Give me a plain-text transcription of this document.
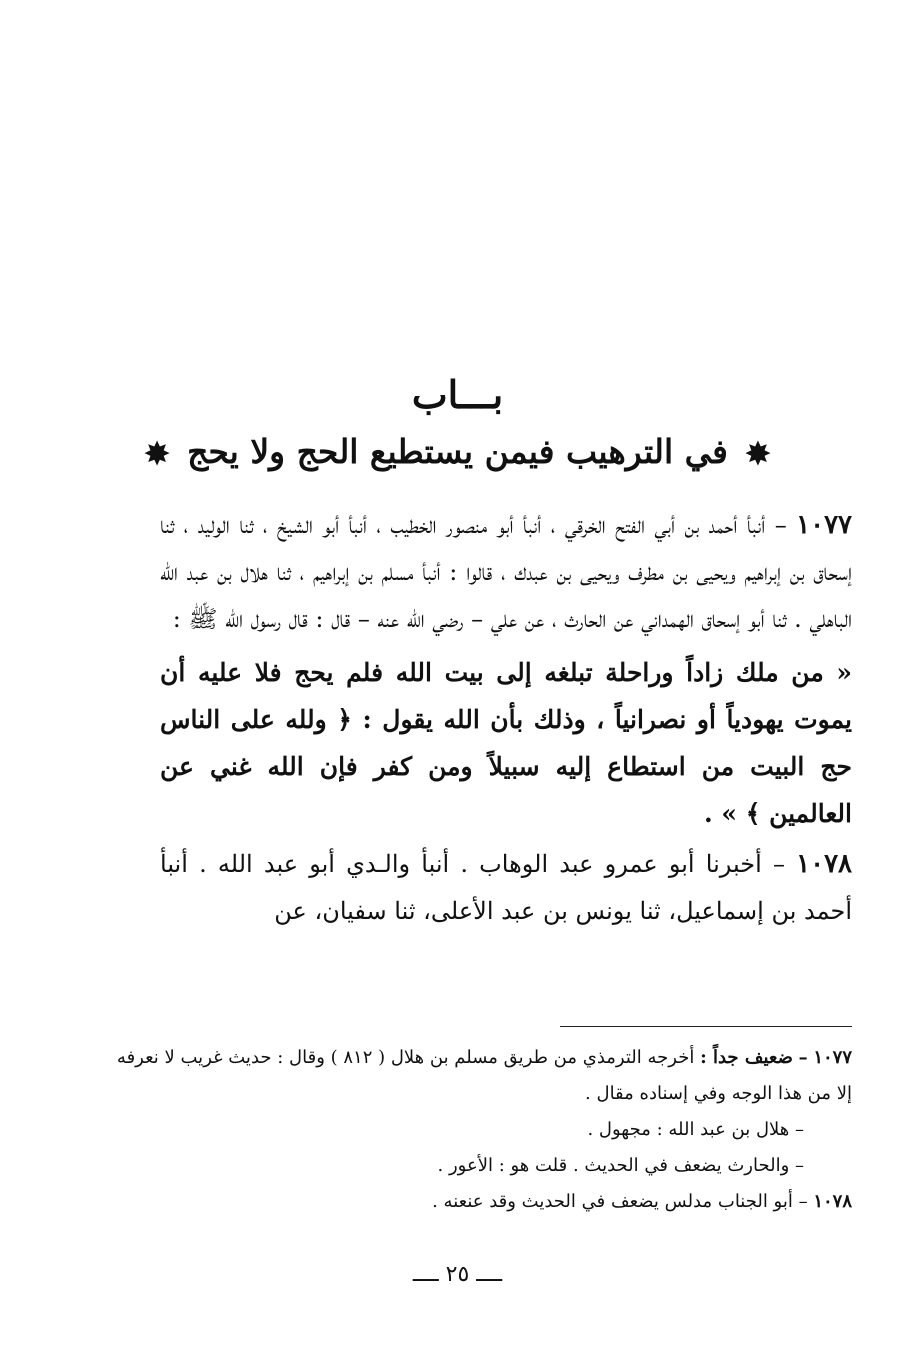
بـــاب
✸ في الترهيب فيمن يستطيع الحج ولا يحج ✸

١٠٧٧ – أنبأ أحمد بن أبي الفتح الخرقي ، أنبأ أبو منصور الخطيب ، أنبأ أبو الشيخ ، ثنا الوليد ، ثنا إسحاق بن إبراهيم ويحيى بن مطرف ويحيى بن عبدك ، قالوا : أنبأ مسلم بن إبراهيم ، ثنا هلال بن عبد الله الباهلي . ثنا أبو إسحاق الهمداني عن الحارث ، عن علي – رضي الله عنه – قال : قال رسول الله ﷺ :

« من ملك زاداً وراحلة تبلغه إلى بيت الله فلم يحج فلا عليه أن يموت يهودياً أو نصرانياً ، وذلك بأن الله يقول : ﴿ ولله على الناس حج البيت من استطاع إليه سبيلاً ومن كفر فإن الله غني عن العالمين ﴾ » .

١٠٧٨ – أخبرنا أبو عمرو عبد الوهاب . أنبأ والـدي أبو عبد الله . أنبأ أحمد بن إسماعيل، ثنا يونس بن عبد الأعلى، ثنا سفيان، عن

١٠٧٧ – ضعيف جداً : أخرجه الترمذي من طريق مسلم بن هلال ( ٨١٢ ) وقال : حديث غريب لا نعرفه إلا من هذا الوجه وفي إسناده مقال .

– هلال بن عبد الله : مجهول .

– والحارث يضعف في الحديث . قلت هو : الأعور .

١٠٧٨ – أبو الجناب مدلس يضعف في الحديث وقد عنعنه .

ــــ ٢٥ ــــ
